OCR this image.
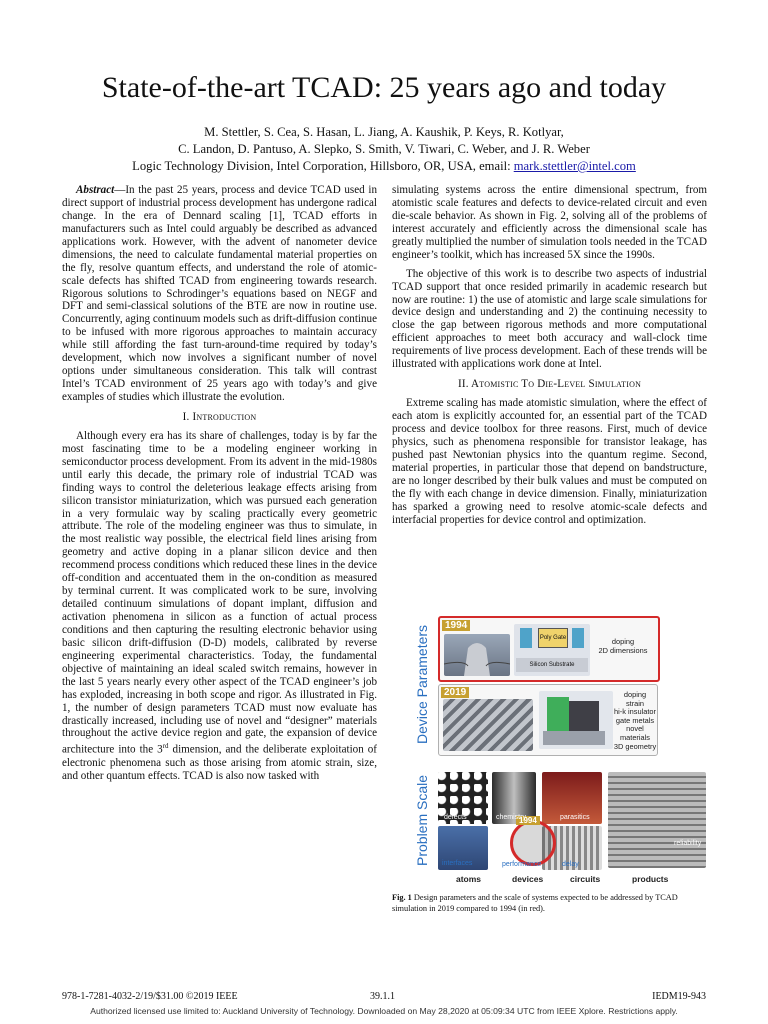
State-of-the-art TCAD: 25 years ago and today
M. Stettler, S. Cea, S. Hasan, L. Jiang, A. Kaushik, P. Keys, R. Kotlyar,
C. Landon, D. Pantuso, A. Slepko, S. Smith, V. Tiwari, C. Weber, and J. R. Weber
Logic Technology Division, Intel Corporation, Hillsboro, OR, USA, email: mark.stettler@intel.com

Abstract—In the past 25 years, process and device TCAD used in direct support of industrial process development has undergone radical change. In the era of Dennard scaling [1], TCAD efforts in manufacturers such as Intel could arguably be described as advanced applications work. However, with the advent of nanometer device dimensions, the need to calculate fundamental material properties on the fly, resolve quantum effects, and understand the role of atomic-scale defects has shifted TCAD from engineering towards research. Rigorous solutions to Schrodinger’s equations based on NEGF and DFT and semi-classical solutions of the BTE are now in routine use. Concurrently, aging continuum models such as drift-diffusion continue to be infused with more rigorous approaches to maintain accuracy while still affording the fast turn-around-time required by today’s development, which now involves a significant number of novel options under simultaneous consideration. This talk will contrast Intel’s TCAD environment of 25 years ago with today’s and give examples of studies which illustrate the evolution.

I. Introduction

Although every era has its share of challenges, today is by far the most fascinating time to be a modeling engineer working in semiconductor process development. From its advent in the mid-1980s until early this decade, the primary role of industrial TCAD was finding ways to control the deleterious leakage effects arising from silicon transistor miniaturization, which was pursued each generation in a very formulaic way by scaling practically every geometric attribute. The role of the modeling engineer was thus to simulate, in the most realistic way possible, the electrical field lines arising from geometry and active doping in a planar silicon device and then recommend process conditions which reduced these lines in the device off-condition and accentuated them in the on-condition as measured by terminal current. It was complicated work to be sure, involving detailed continuum simulations of dopant implant, diffusion and activation phenomena in silicon as a function of actual process conditions and then capturing the resulting electronic behavior using basic silicon drift-diffusion (D-D) models, calibrated by reverse engineering experimental characteristics. Today, the fundamental objective of maintaining an ideal scaled switch remains, however in the last 5 years nearly every other aspect of the TCAD engineer’s job has exploded, increasing in both scope and rigor. As illustrated in Fig. 1, the number of design parameters TCAD must now evaluate has drastically increased, including use of novel and “designer” materials throughout the active device region and gate, the expansion of device architecture into the 3rd dimension, and the deliberate exploitation of electronic phenomena such as those arising from atomic strain, size, and other quantum effects. TCAD is also now tasked with

simulating systems across the entire dimensional spectrum, from atomistic scale features and defects to device-related circuit and even die-scale behavior. As shown in Fig. 2, solving all of the problems of interest accurately and efficiently across the dimensional scale has greatly multiplied the number of simulation tools needed in the TCAD engineer’s toolkit, which has increased 5X since the 1990s.

The objective of this work is to describe two aspects of industrial TCAD support that once resided primarily in academic research but now are routine: 1) the use of atomistic and large scale simulations for device design and understanding and 2) the continuing necessity to close the gap between rigorous methods and more computational efficient approaches to meet both accuracy and wall-clock time requirements of live process development. Each of these trends will be illustrated with applications work done at Intel.

II. Atomistic To Die-Level Simulation

Extreme scaling has made atomistic simulation, where the effect of each atom is explicitly accounted for, an essential part of the TCAD process and device toolbox for three reasons. First, much of device physics, such as phenomena responsible for transistor leakage, has pushed past Newtonian physics into the quantum regime. Second, material properties, in particular those that depend on bandstructure, are no longer described by their bulk values and must be computed on the fly with each change in device dimension. Finally, miniaturization has sparked a growing need to resolve atomic-scale defects and interfacial properties for device control and optimization.

Device Parameters
Problem Scale
1994
Poly Gate
Silicon Substrate
doping
2D dimensions
2019	doping
strain
hi-k insulator
gate metals
novel materials
3D geometry
1994
defects	chemistry	parasitics
interfaces	performance	delay
reliability
atoms	devices	circuits	products
Fig. 1 Design parameters and the scale of systems expected to be addressed by TCAD simulation in 2019 compared to 1994 (in red).
978-1-7281-4032-2/19/$31.00 ©2019 IEEE	39.1.1	IEDM19-943
Authorized licensed use limited to: Auckland University of Technology. Downloaded on May 28,2020 at 05:09:34 UTC from IEEE Xplore. Restrictions apply.
